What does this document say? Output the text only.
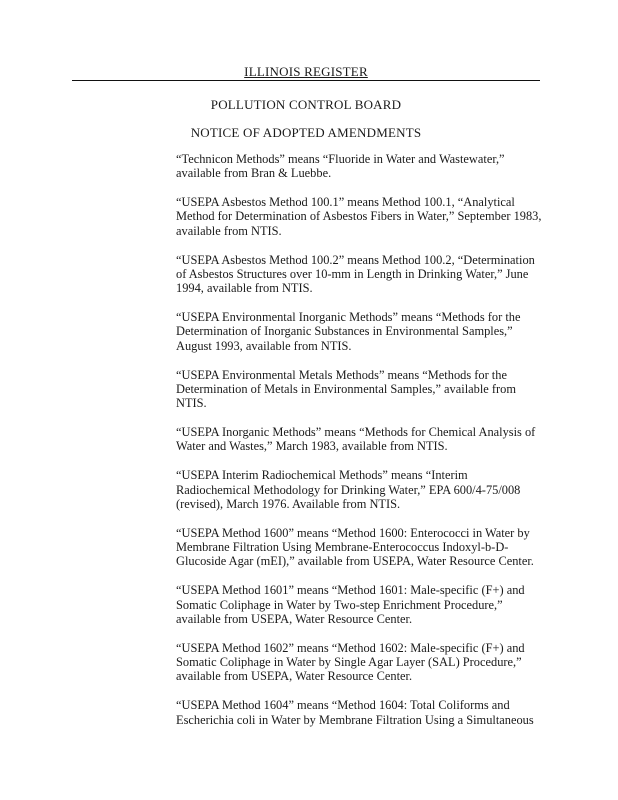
ILLINOIS REGISTER
POLLUTION CONTROL BOARD
NOTICE OF ADOPTED AMENDMENTS

“Technicon Methods” means “Fluoride in Water and Wastewater,” available from Bran & Luebbe.

“USEPA Asbestos Method 100.1” means Method 100.1, “Analytical Method for Determination of Asbestos Fibers in Water,” September 1983, available from NTIS.

“USEPA Asbestos Method 100.2” means Method 100.2, “Determination of Asbestos Structures over 10-mm in Length in Drinking Water,” June 1994, available from NTIS.

“USEPA Environmental Inorganic Methods” means “Methods for the Determination of Inorganic Substances in Environmental Samples,” August 1993, available from NTIS.

“USEPA Environmental Metals Methods” means “Methods for the Determination of Metals in Environmental Samples,” available from NTIS.

“USEPA Inorganic Methods” means “Methods for Chemical Analysis of Water and Wastes,” March 1983, available from NTIS.

“USEPA Interim Radiochemical Methods” means “Interim Radiochemical Methodology for Drinking Water,” EPA 600/4-75/008 (revised), March 1976. Available from NTIS.

“USEPA Method 1600” means “Method 1600: Enterococci in Water by Membrane Filtration Using Membrane-Enterococcus Indoxyl-b-D-Glucoside Agar (mEI),” available from USEPA, Water Resource Center.

“USEPA Method 1601” means “Method 1601: Male-specific (F+) and Somatic Coliphage in Water by Two-step Enrichment Procedure,” available from USEPA, Water Resource Center.

“USEPA Method 1602” means “Method 1602: Male-specific (F+) and Somatic Coliphage in Water by Single Agar Layer (SAL) Procedure,” available from USEPA, Water Resource Center.

“USEPA Method 1604” means “Method 1604: Total Coliforms and Escherichia coli in Water by Membrane Filtration Using a Simultaneous
